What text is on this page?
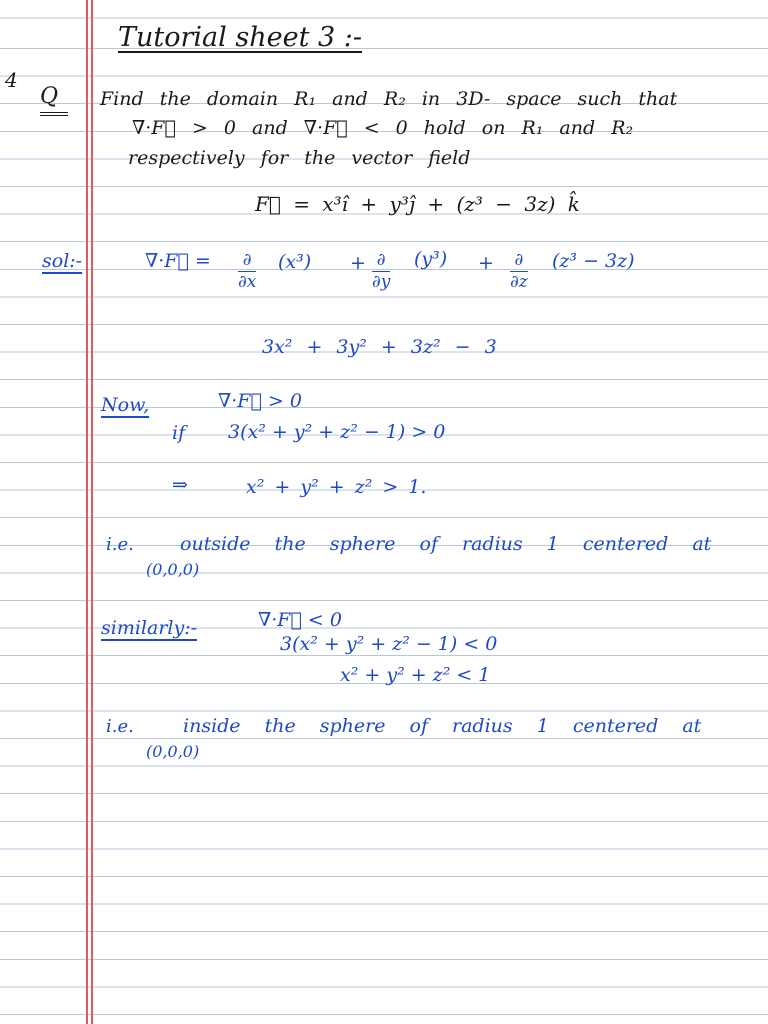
Tutorial sheet 3 :-
4
Q Find the domain R₁ and R₂ in 3D- space such that
∇·F⃗ > 0 and ∇·F⃗ < 0 hold on R₁ and R₂
respectively for the vector field
F⃗ = x³î + y³ĵ + (z³ − 3z) k̂
sol:-	∇·F⃗ = ∂
∂x
(x³) + ∂
∂y
(y³) + ∂
∂z
(z³ − 3z)
3x² + 3y² + 3z² − 3
Now,	∇·F⃗ > 0
if 3(x² + y² + z² − 1) > 0
⇒	x² + y² + z² > 1.
i.e. outside the sphere of radius 1 centered at
(0,0,0)
similarly:-	∇·F⃗ < 0
3(x² + y² + z² − 1) < 0
x² + y² + z² < 1
i.e.	inside the sphere of radius 1 centered at
(0,0,0)
